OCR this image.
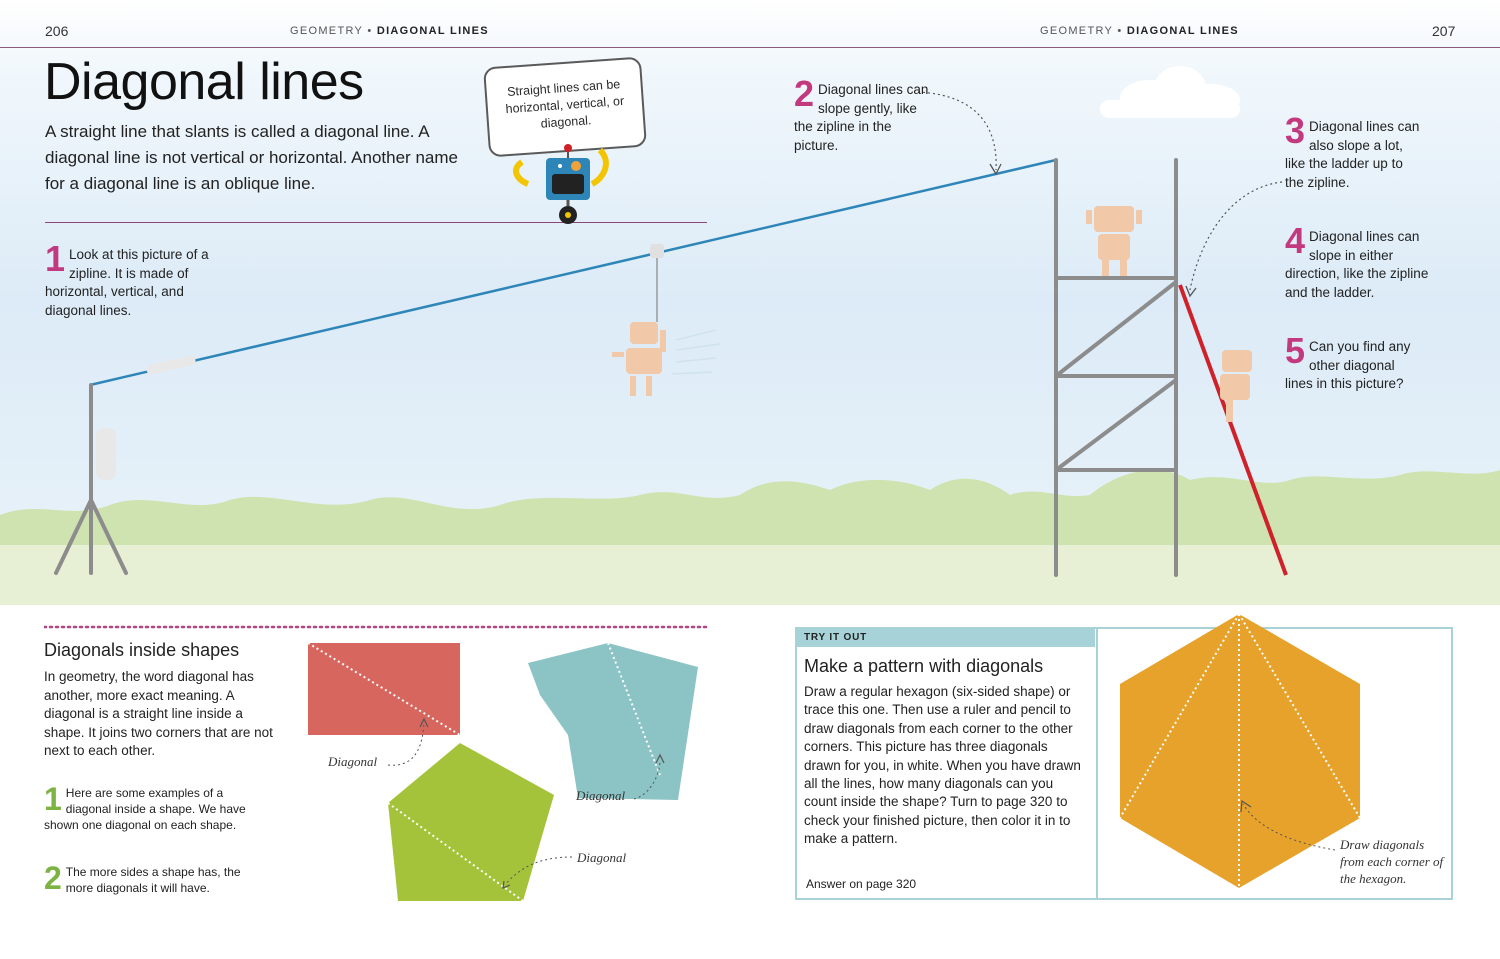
206	GEOMETRY • DIAGONAL LINES	GEOMETRY • DIAGONAL LINES	207
Diagonal lines
A straight line that slants is called a diagonal line. A diagonal line is not vertical or horizontal. Another name for a diagonal line is an oblique line.
Straight lines can be horizontal, vertical, or diagonal.
1 Look at this picture of a zipline. It is made of horizontal, vertical, and diagonal lines.
2 Diagonal lines can slope gently, like the zipline in the picture.	3 Diagonal lines can also slope a lot, like the ladder up to the zipline.
4 Diagonal lines can slope in either direction, like the zipline and the ladder.
5 Can you find any other diagonal lines in this picture?
Diagonals inside shapes
In geometry, the word diagonal has another, more exact meaning. A diagonal is a straight line inside a shape. It joins two corners that are not next to each other.
1 Here are some examples of a diagonal inside a shape. We have shown one diagonal on each shape.
2 The more sides a shape has, the more diagonals it will have.
Diagonal
Diagonal
Diagonal
TRY IT OUT
Make a pattern with diagonals
Draw a regular hexagon (six-sided shape) or trace this one. Then use a ruler and pencil to draw diagonals from each corner to the other corners. This picture has three diagonals drawn for you, in white. When you have drawn all the lines, how many diagonals can you count inside the shape? Turn to page 320 to check your finished picture, then color it in to make a pattern.
Answer on page 320
Draw diagonals from each corner of the hexagon.
